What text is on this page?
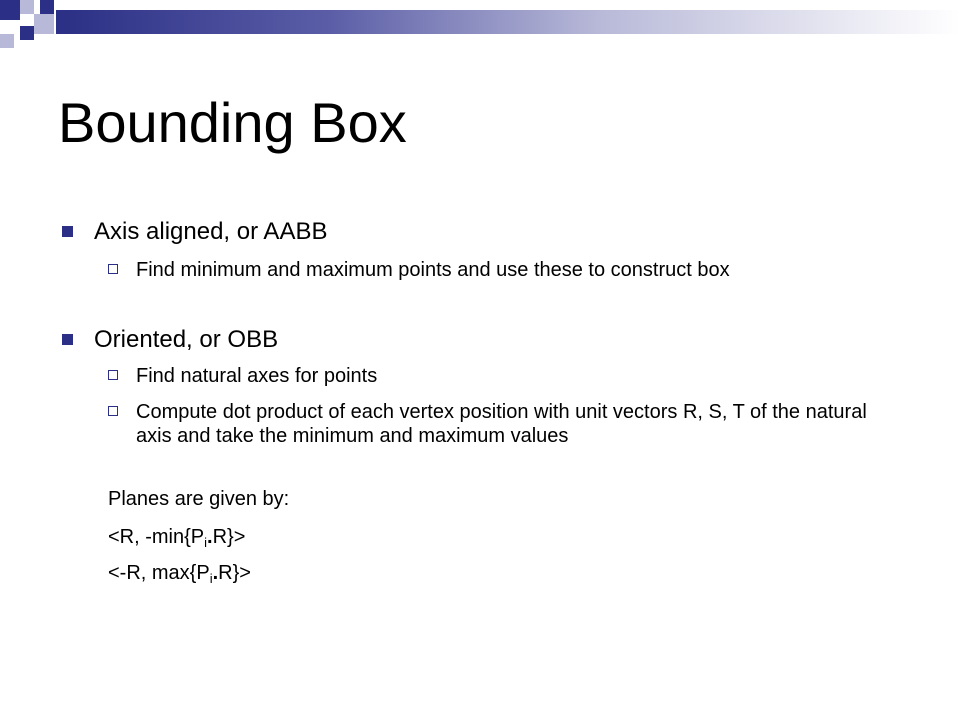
Bounding Box
Axis aligned, or AABB
Find minimum and maximum points and use these to construct box
Oriented, or OBB
Find natural axes for points
Compute dot product of each vertex position with unit vectors R, S, T of the natural axis and take the minimum and maximum values
Planes are given by:
<R, $-\min\{P_i.R\}>$
<-R, $\max\{P_i.R\}>$
